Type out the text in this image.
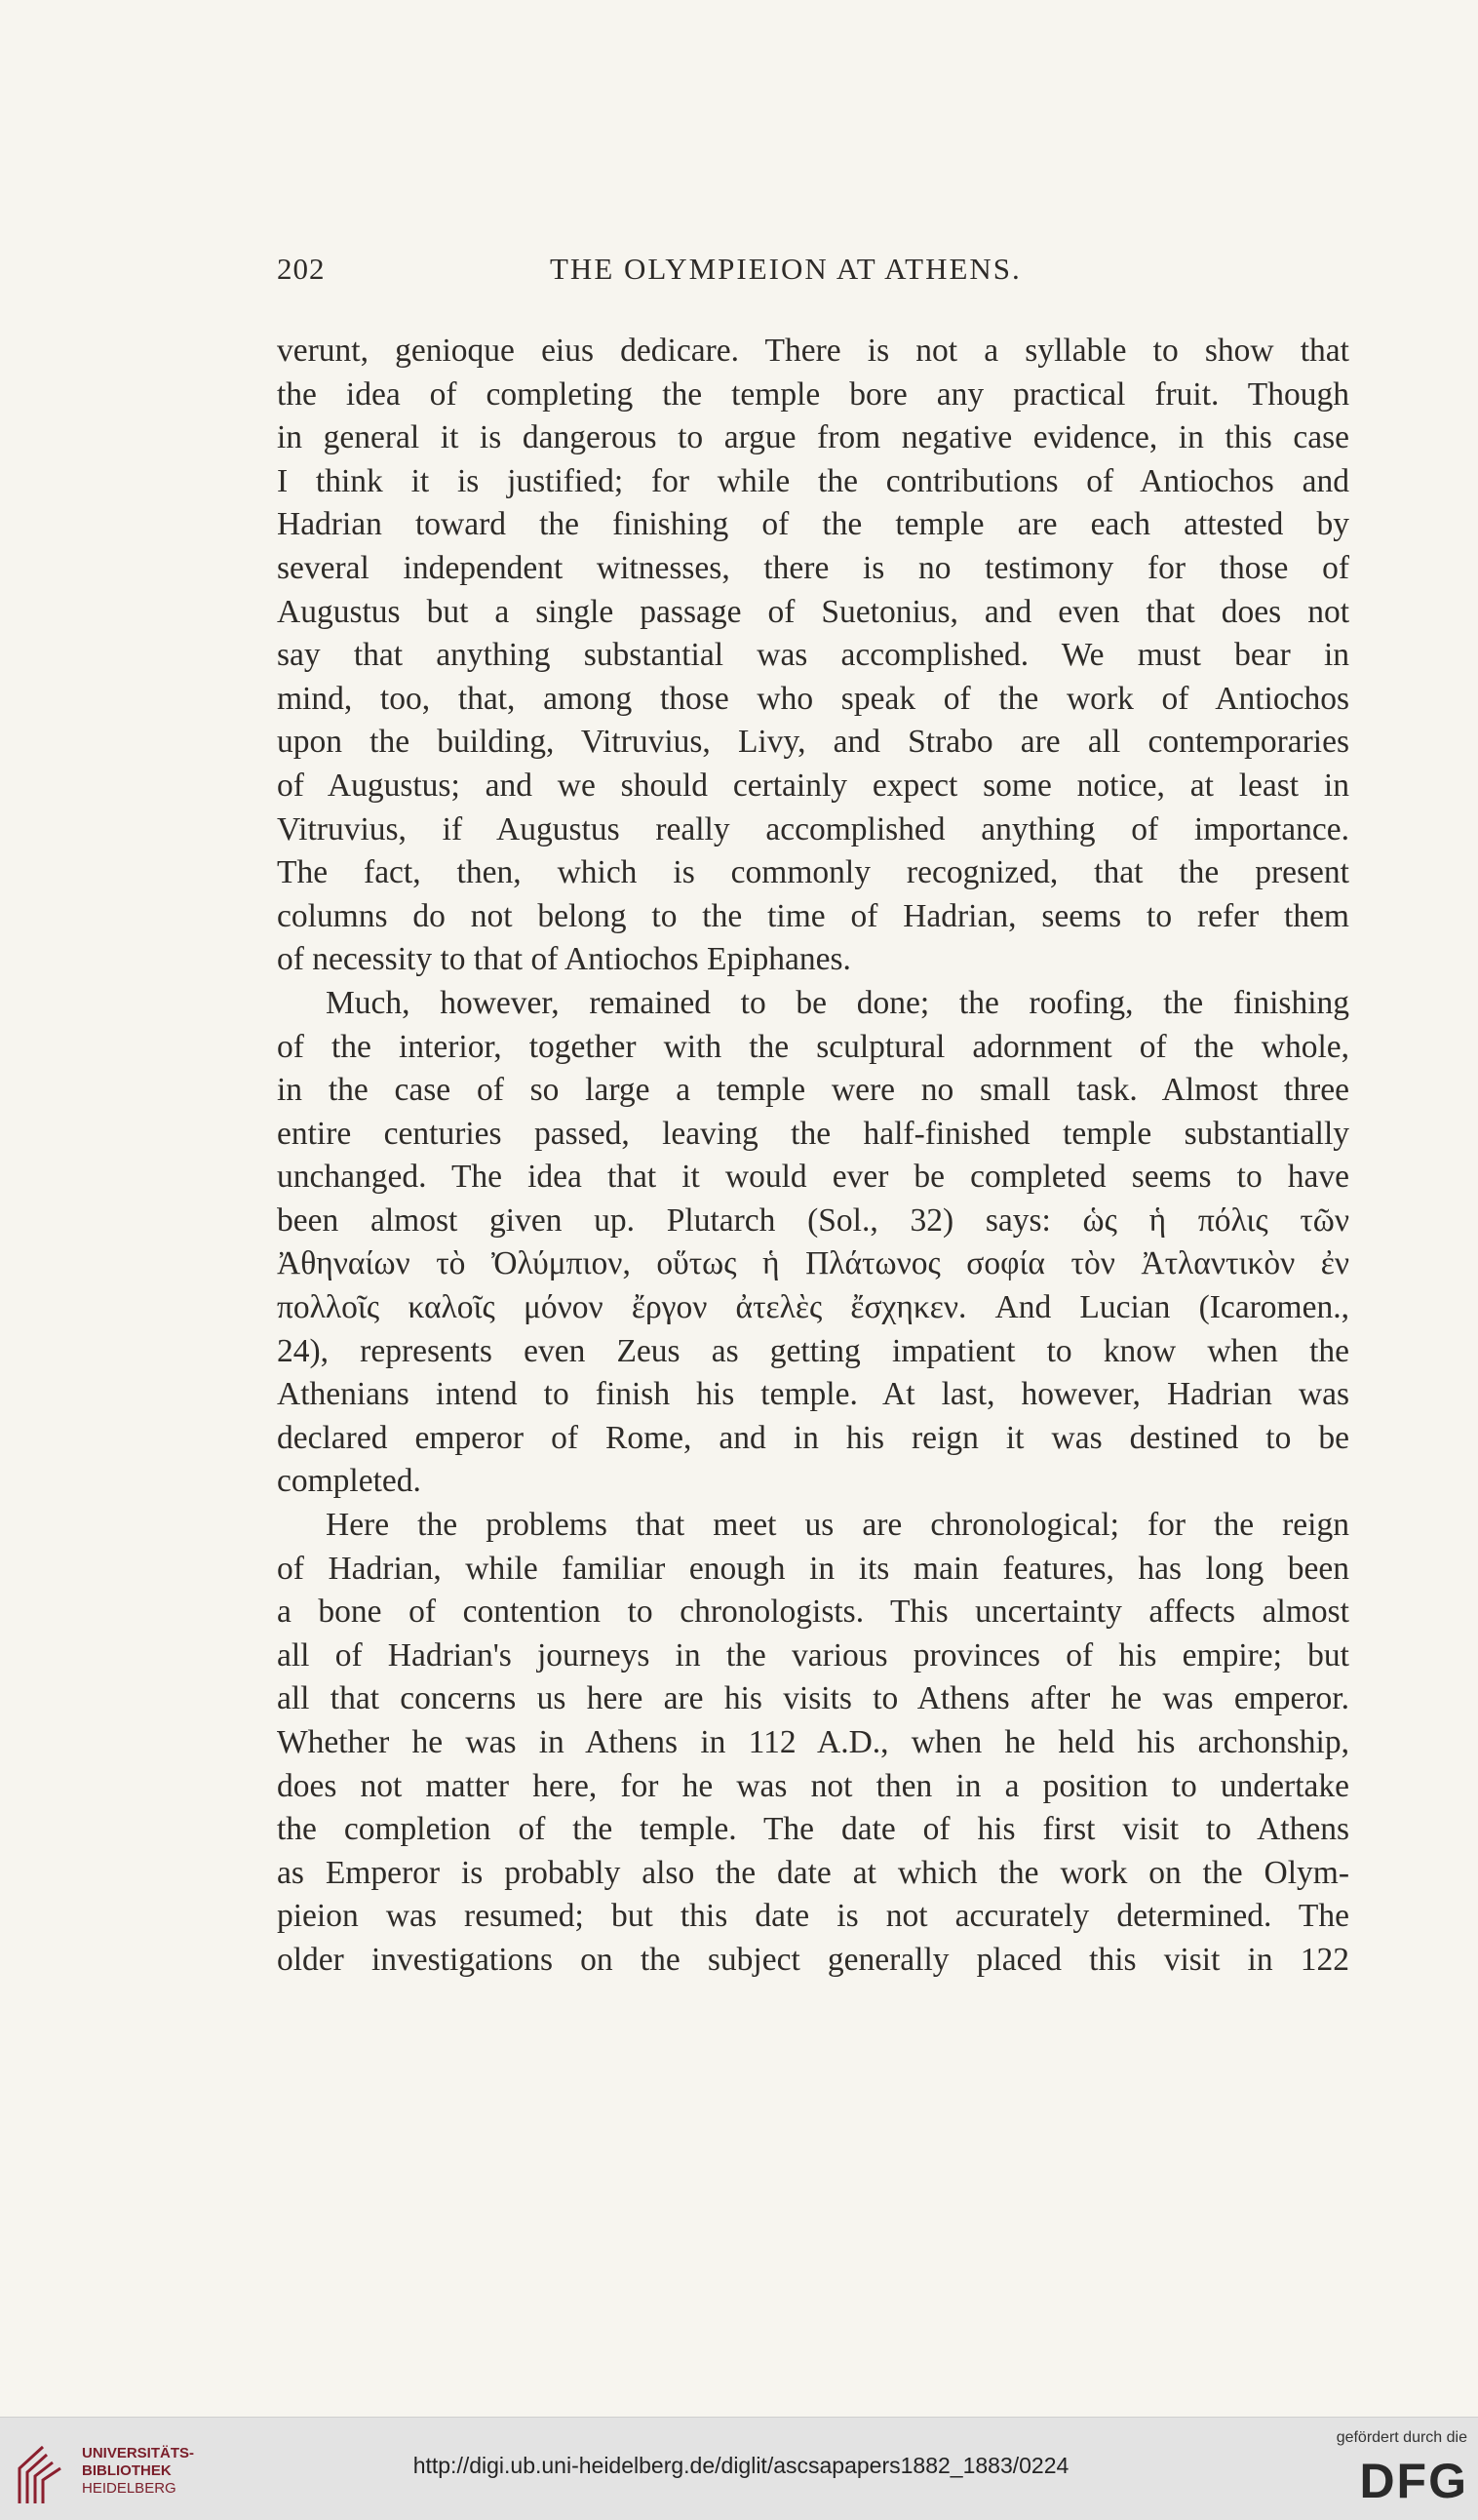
202	THE OLYMPIEION AT ATHENS.
verunt, genioque eius dedicare. There is not a syllable to show that
the idea of completing the temple bore any practical fruit. Though
in general it is dangerous to argue from negative evidence, in this case
I think it is justified; for while the contributions of Antiochos and
Hadrian toward the finishing of the temple are each attested by
several independent witnesses, there is no testimony for those of
Augustus but a single passage of Suetonius, and even that does not
say that anything substantial was accomplished. We must bear in
mind, too, that, among those who speak of the work of Antiochos
upon the building, Vitruvius, Livy, and Strabo are all contemporaries
of Augustus; and we should certainly expect some notice, at least in
Vitruvius, if Augustus really accomplished anything of importance.
The fact, then, which is commonly recognized, that the present
columns do not belong to the time of Hadrian, seems to refer them
of necessity to that of Antiochos Epiphanes.
Much, however, remained to be done; the roofing, the finishing
of the interior, together with the sculptural adornment of the whole,
in the case of so large a temple were no small task. Almost three
entire centuries passed, leaving the half-finished temple substantially
unchanged. The idea that it would ever be completed seems to have
been almost given up. Plutarch (Sol., 32) says: ὡς ἡ πόλις τῶν
Ἀθηναίων τὸ Ὀλύμπιον, οὕτως ἡ Πλάτωνος σοφία τὸν Ἀτλαντικὸν ἐν
πολλοῖς καλοῖς μόνον ἔργον ἀτελὲς ἔσχηκεν. And Lucian (Icaromen.,
24), represents even Zeus as getting impatient to know when the
Athenians intend to finish his temple. At last, however, Hadrian was
declared emperor of Rome, and in his reign it was destined to be
completed.
Here the problems that meet us are chronological; for the reign
of Hadrian, while familiar enough in its main features, has long been
a bone of contention to chronologists. This uncertainty affects almost
all of Hadrian's journeys in the various provinces of his empire; but
all that concerns us here are his visits to Athens after he was emperor.
Whether he was in Athens in 112 A.D., when he held his archonship,
does not matter here, for he was not then in a position to undertake
the completion of the temple. The date of his first visit to Athens
as Emperor is probably also the date at which the work on the Olym-
pieion was resumed; but this date is not accurately determined. The
older investigations on the subject generally placed this visit in 122
UNIVERSITÄTS-
BIBLIOTHEK
HEIDELBERG
http://digi.ub.uni-heidelberg.de/diglit/ascsapapers1882_1883/0224
gefördert durch die
DFG
